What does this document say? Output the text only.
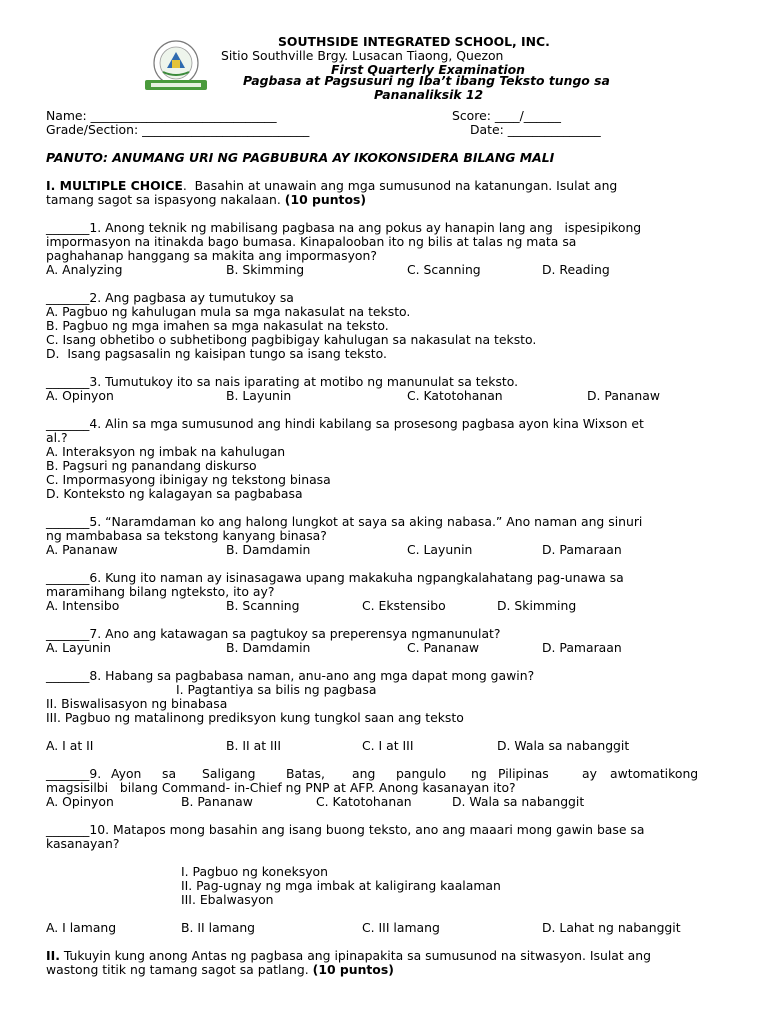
SOUTHSIDE INTEGRATED SCHOOL, INC.
Sitio Southville Brgy. Lusacan Tiaong, Quezon
First Quarterly Examination
Pagbasa at Pagsusuri ng Iba’t ibang Teksto tungo sa
Pananaliksik 12
Name: ______________________________	Score: ____/______
Grade/Section: ___________________________	Date: _______________
PANUTO: ANUMANG URI NG PAGBUBURA AY IKOKONSIDERA BILANG MALI
I. MULTIPLE CHOICE.  Basahin at unawain ang mga sumusunod na katanungan. Isulat ang
tamang sagot sa ispasyong nakalaan. (10 puntos)
_______1. Anong teknik ng mabilisang pagbasa na ang pokus ay hanapin lang ang   ispesipikong
impormasyon na itinakda bago bumasa. Kinapalooban ito ng bilis at talas ng mata sa
paghahanap hanggang sa makita ang impormasyon?
A. Analyzing	B. Skimming	C. Scanning	D. Reading
_______2. Ang pagbasa ay tumutukoy sa
A. Pagbuo ng kahulugan mula sa mga nakasulat na teksto.
B. Pagbuo ng mga imahen sa mga nakasulat na teksto.
C. Isang obhetibo o subhetibong pagbibigay kahulugan sa nakasulat na teksto.
D.  Isang pagsasalin ng kaisipan tungo sa isang teksto.
_______3. Tumutukoy ito sa nais iparating at motibo ng manunulat sa teksto.
A. Opinyon	B. Layunin	C. Katotohanan	D. Pananaw
_______4. Alin sa mga sumusunod ang hindi kabilang sa prosesong pagbasa ayon kina Wixson et
al.?
A. Interaksyon ng imbak na kahulugan
B. Pagsuri ng panandang diskurso
C. Impormasyong ibinigay ng tekstong binasa
D. Konteksto ng kalagayan sa pagbabasa
_______5. “Naramdaman ko ang halong lungkot at saya sa aking nabasa.” Ano naman ang sinuri
ng mambabasa sa tekstong kanyang binasa?
A. Pananaw	B. Damdamin	C. Layunin	D. Pamaraan
_______6. Kung ito naman ay isinasagawa upang makakuha ngpangkalahatang pag-unawa sa
maramihang bilang ngteksto, ito ay?
A. Intensibo	B. Scanning	C. Ekstensibo	D. Skimming
_______7. Ano ang katawagan sa pagtukoy sa preperensya ngmanunulat?
A. Layunin	B. Damdamin	C. Pananaw	D. Pamaraan
_______8. Habang sa pagbabasa naman, anu-ano ang mga dapat mong gawin?
I. Pagtantiya sa bilis ng pagbasa
II. Biswalisasyon ng binabasa
III. Pagbuo ng matalinong prediksyon kung tungkol saan ang teksto
A. I at II	B. II at III	C. I at III	D. Wala sa nabanggit
_______9. Ayon sa Saligang Batas, ang pangulo ng Pilipinas	ay awtomatikong
magsisilbi   bilang Command- in-Chief ng PNP at AFP. Anong kasanayan ito?
A. Opinyon	B. Pananaw	C. Katotohanan	D. Wala sa nabanggit
_______10. Matapos mong basahin ang isang buong teksto, ano ang maaari mong gawin base sa
kasanayan?
I. Pagbuo ng koneksyon
II. Pag-ugnay ng mga imbak at kaligirang kaalaman
III. Ebalwasyon
A. I lamang	B. II lamang	C. III lamang	D. Lahat ng nabanggit
II. Tukuyin kung anong Antas ng pagbasa ang ipinapakita sa sumusunod na sitwasyon. Isulat ang
wastong titik ng tamang sagot sa patlang. (10 puntos)
